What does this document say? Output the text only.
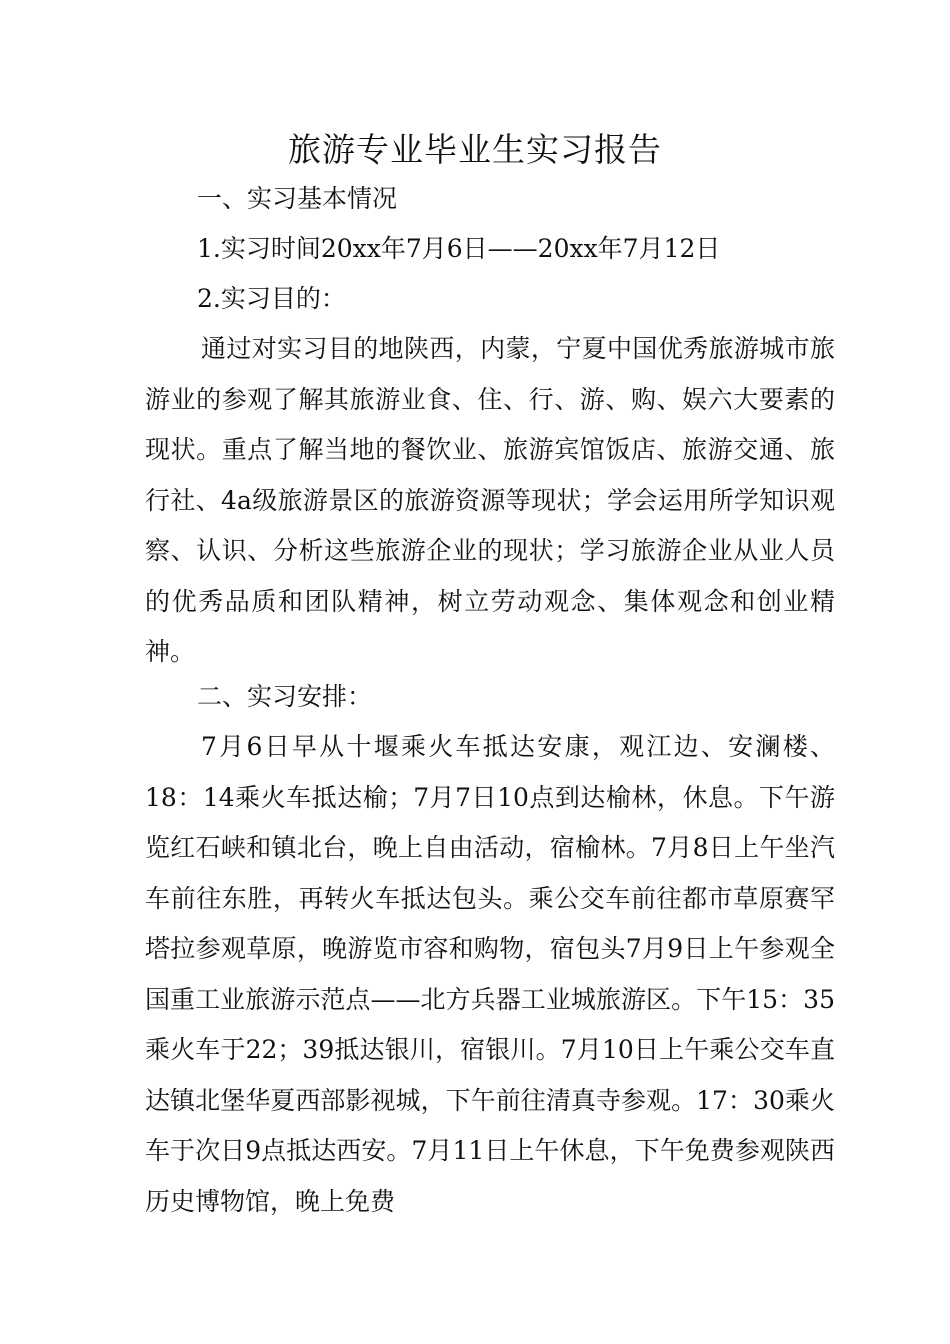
旅游专业毕业生实习报告

一、实习基本情况

1.实习时间20xx年7月6日——20xx年7月12日

2.实习目的：

通过对实习目的地陕西，内蒙，宁夏中国优秀旅游城市旅游业的参观了解其旅游业食、住、行、游、购、娱六大要素的现状。重点了解当地的餐饮业、旅游宾馆饭店、旅游交通、旅行社、4a级旅游景区的旅游资源等现状；学会运用所学知识观察、认识、分析这些旅游企业的现状；学习旅游企业从业人员的优秀品质和团队精神，树立劳动观念、集体观念和创业精神。

二、实习安排：

7月6日早从十堰乘火车抵达安康，观江边、安澜楼、18：14乘火车抵达榆；7月7日10点到达榆林，休息。下午游览红石峡和镇北台，晚上自由活动，宿榆林。7月8日上午坐汽车前往东胜，再转火车抵达包头。乘公交车前往都市草原赛罕塔拉参观草原，晚游览市容和购物，宿包头7月9日上午参观全国重工业旅游示范点——北方兵器工业城旅游区。下午15：35乘火车于22；39抵达银川，宿银川。7月10日上午乘公交车直达镇北堡华夏西部影视城，下午前往清真寺参观。17：30乘火车于次日9点抵达西安。7月11日上午休息，下午免费参观陕西历史博物馆，晚上免费
